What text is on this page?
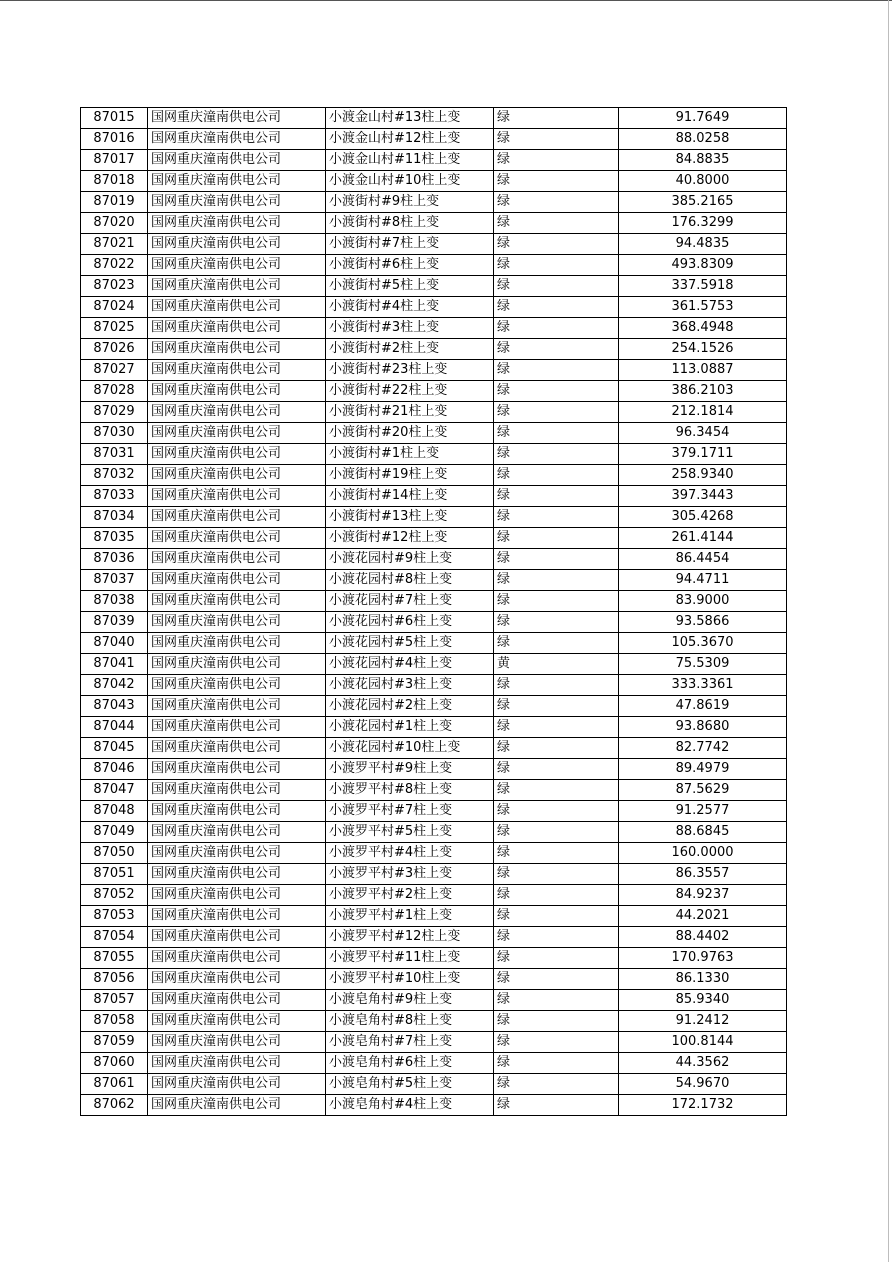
87015	国网重庆潼南供电公司	小渡金山村#13柱上变	绿	91.7649
87016	国网重庆潼南供电公司	小渡金山村#12柱上变	绿	88.0258
87017	国网重庆潼南供电公司	小渡金山村#11柱上变	绿	84.8835
87018	国网重庆潼南供电公司	小渡金山村#10柱上变	绿	40.8000
87019	国网重庆潼南供电公司	小渡街村#9柱上变	绿	385.2165
87020	国网重庆潼南供电公司	小渡街村#8柱上变	绿	176.3299
87021	国网重庆潼南供电公司	小渡街村#7柱上变	绿	94.4835
87022	国网重庆潼南供电公司	小渡街村#6柱上变	绿	493.8309
87023	国网重庆潼南供电公司	小渡街村#5柱上变	绿	337.5918
87024	国网重庆潼南供电公司	小渡街村#4柱上变	绿	361.5753
87025	国网重庆潼南供电公司	小渡街村#3柱上变	绿	368.4948
87026	国网重庆潼南供电公司	小渡街村#2柱上变	绿	254.1526
87027	国网重庆潼南供电公司	小渡街村#23柱上变	绿	113.0887
87028	国网重庆潼南供电公司	小渡街村#22柱上变	绿	386.2103
87029	国网重庆潼南供电公司	小渡街村#21柱上变	绿	212.1814
87030	国网重庆潼南供电公司	小渡街村#20柱上变	绿	96.3454
87031	国网重庆潼南供电公司	小渡街村#1柱上变	绿	379.1711
87032	国网重庆潼南供电公司	小渡街村#19柱上变	绿	258.9340
87033	国网重庆潼南供电公司	小渡街村#14柱上变	绿	397.3443
87034	国网重庆潼南供电公司	小渡街村#13柱上变	绿	305.4268
87035	国网重庆潼南供电公司	小渡街村#12柱上变	绿	261.4144
87036	国网重庆潼南供电公司	小渡花园村#9柱上变	绿	86.4454
87037	国网重庆潼南供电公司	小渡花园村#8柱上变	绿	94.4711
87038	国网重庆潼南供电公司	小渡花园村#7柱上变	绿	83.9000
87039	国网重庆潼南供电公司	小渡花园村#6柱上变	绿	93.5866
87040	国网重庆潼南供电公司	小渡花园村#5柱上变	绿	105.3670
87041	国网重庆潼南供电公司	小渡花园村#4柱上变	黄	75.5309
87042	国网重庆潼南供电公司	小渡花园村#3柱上变	绿	333.3361
87043	国网重庆潼南供电公司	小渡花园村#2柱上变	绿	47.8619
87044	国网重庆潼南供电公司	小渡花园村#1柱上变	绿	93.8680
87045	国网重庆潼南供电公司	小渡花园村#10柱上变	绿	82.7742
87046	国网重庆潼南供电公司	小渡罗平村#9柱上变	绿	89.4979
87047	国网重庆潼南供电公司	小渡罗平村#8柱上变	绿	87.5629
87048	国网重庆潼南供电公司	小渡罗平村#7柱上变	绿	91.2577
87049	国网重庆潼南供电公司	小渡罗平村#5柱上变	绿	88.6845
87050	国网重庆潼南供电公司	小渡罗平村#4柱上变	绿	160.0000
87051	国网重庆潼南供电公司	小渡罗平村#3柱上变	绿	86.3557
87052	国网重庆潼南供电公司	小渡罗平村#2柱上变	绿	84.9237
87053	国网重庆潼南供电公司	小渡罗平村#1柱上变	绿	44.2021
87054	国网重庆潼南供电公司	小渡罗平村#12柱上变	绿	88.4402
87055	国网重庆潼南供电公司	小渡罗平村#11柱上变	绿	170.9763
87056	国网重庆潼南供电公司	小渡罗平村#10柱上变	绿	86.1330
87057	国网重庆潼南供电公司	小渡皂角村#9柱上变	绿	85.9340
87058	国网重庆潼南供电公司	小渡皂角村#8柱上变	绿	91.2412
87059	国网重庆潼南供电公司	小渡皂角村#7柱上变	绿	100.8144
87060	国网重庆潼南供电公司	小渡皂角村#6柱上变	绿	44.3562
87061	国网重庆潼南供电公司	小渡皂角村#5柱上变	绿	54.9670
87062	国网重庆潼南供电公司	小渡皂角村#4柱上变	绿	172.1732
